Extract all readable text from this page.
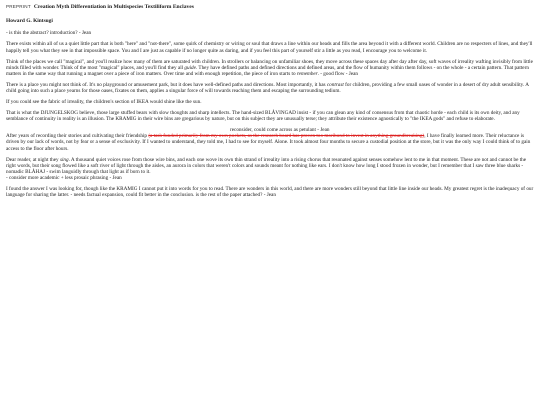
PREPRINT Creation Myth Differentiation in Multispecies Textiliform Enclaves
Howard G. Kintsugi
- is this the abstract? introduction? - Jean

There exists within all of us a quiet little part that is both "here" and "not-there", some quirk of chemistry or wiring or soul that draws a line within our heads and fills the area beyond it with a different world. Children are no respecters of lines, and they'll happily tell you what they see in that impossible space. You and I are just as capable if no longer quite as daring, and if you feel this part of yourself stir a little as you read, I encourage you to welcome it.

Think of the places we call "magical", and you'll realize how many of them are saturated with children. In strollers or balancing on unfamiliar shoes, they move across these spaces day after day after day, soft waves of irreality wafting invisibly from little minds filled with wonder. Think of the most "magical" places, and you'll find they all guide. They have defined paths and defined directions and defined areas, and the flow of humanity within them follows - on the whole - a certain pattern. That pattern matters in the same way that running a magnet over a piece of iron matters. Over time and with enough repetition, the piece of iron starts to remember. - good flow - Jean

There is a place you might not think of. It's no playground or amusement park, but it does have well-defined paths and directions. Most importantly, it has contrast for children, providing a few small oases of wonder in a desert of dry adult sensibility. A child going into such a place yearns for those oases, fixates on them, applies a singular force of will towards reaching them and escaping the surrounding tedium.

If you could see the fabric of irreality, the children's section of IKEA would shine like the sun.

That is what the DJUNGELSKOG believe, those large stuffed bears with slow thoughts and sharp intellects. The hand-sized BLÅVINGAD insist - if you can glean any kind of consensus from that chaotic horde - each child is its own deity, and any semblance of continuity in reality is an illusion. The KRAMIG in their wire bins are gregarious by nature, but on this subject they are unusually terse; they attribute their existence agnostically to "the IKEA gods" and refuse to elaborate.

reconsider, could come across as petulant - Jean
After years of recording their stories and cultivating their friendship (a task funded primarily from my own pockets, as the research board has proven too moribund to invest in anything groundbreaking), I have finally learned more. Their reluctance is driven by our lack of words, not by fear or a sense of exclusivity. If I wanted to understand, they told me, I had to see for myself. Alone. It took almost four months to secure a custodial position at the store, but it was the only way I could think of to gain access to the floor after hours.

Dear reader, at night they sing. A thousand quiet voices rose from those wire bins, and each one wove its own thin strand of irreality into a rising chorus that resonated against senses somehow lent to me in that moment. These are not and cannot be the right words, but their song flowed like a soft river of light through the aisles, an aurora in colors that weren't colors and sounds meant for nothing like ears. I don't know how long I stood frozen in wonder, but I remember that I saw three blue sharks - nomadic BLÅHAJ - swim languidly through that light as if born to it.
- consider more academic + less prosaic phrasing - Jean

I found the answer I was looking for, though like the KRAMIG I cannot put it into words for you to read. There are wonders in this world, and there are more wonders still beyond that little line inside our heads. My greatest regret is the inadequacy of our language for sharing the latter. - needs factual expansion, could fit better in the conclusion. is the rest of the paper attached? - Jean
